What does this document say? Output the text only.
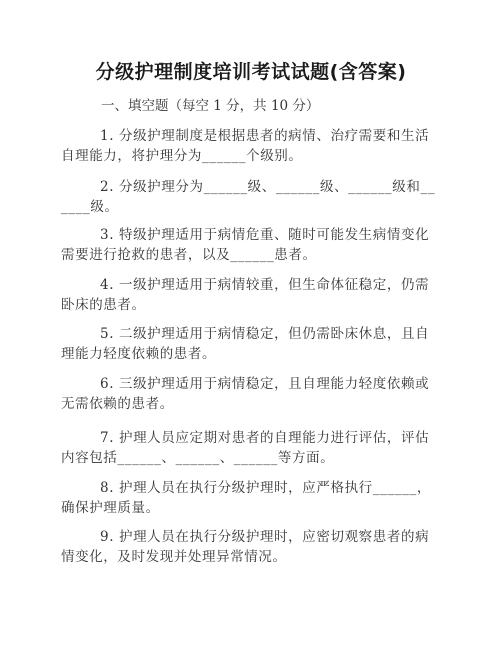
分级护理制度培训考试试题(含答案)
一、填空题（每空 1 分，共 10 分）
1. 分级护理制度是根据患者的病情、治疗需要和生活自理能力，将护理分为______个级别。
2. 分级护理分为______级、______级、______级和______级。
3. 特级护理适用于病情危重、随时可能发生病情变化需要进行抢救的患者，以及______患者。
4. 一级护理适用于病情较重，但生命体征稳定，仍需卧床的患者。
5. 二级护理适用于病情稳定，但仍需卧床休息，且自理能力轻度依赖的患者。
6. 三级护理适用于病情稳定，且自理能力轻度依赖或无需依赖的患者。
7. 护理人员应定期对患者的自理能力进行评估，评估内容包括______、______、______等方面。
8. 护理人员在执行分级护理时，应严格执行______，确保护理质量。
9. 护理人员在执行分级护理时，应密切观察患者的病情变化，及时发现并处理异常情况。
